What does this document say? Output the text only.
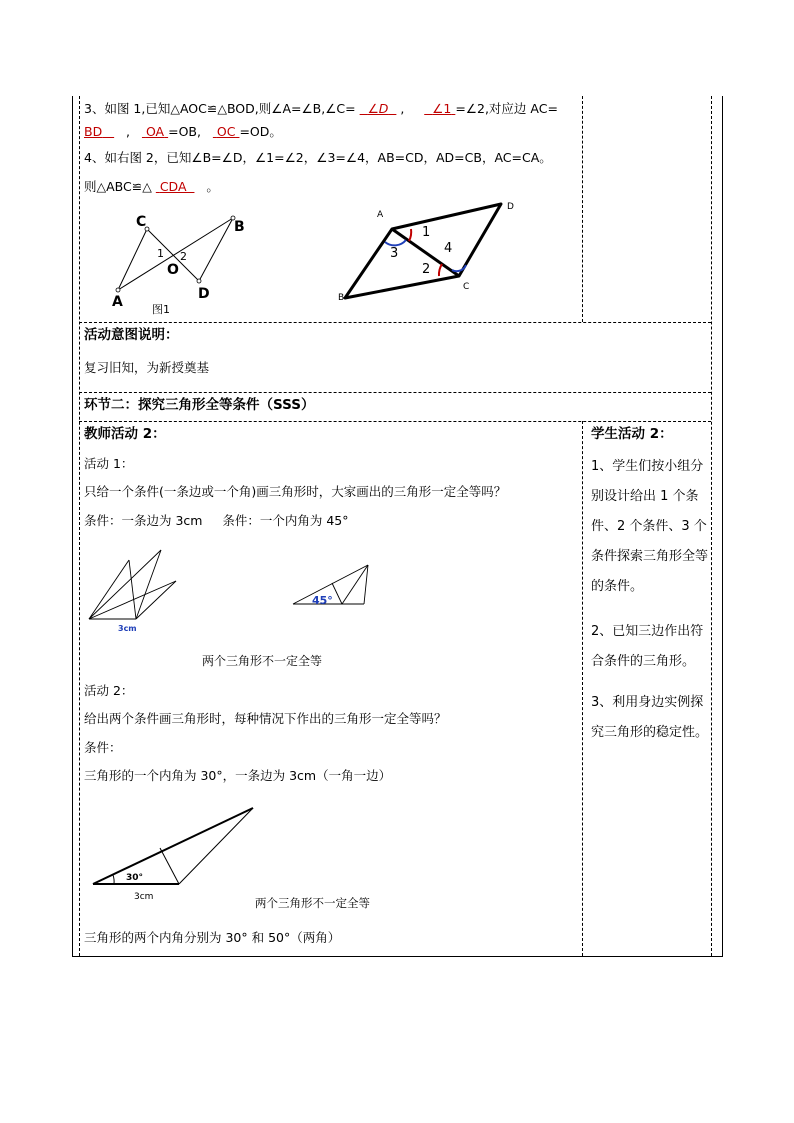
3、如图 1,已知△AOC≌△BOD,则∠A=∠B,∠C= ∠D , ∠1 =∠2,对应边 AC=
BD , OA =OB, OC =OD。
4、如右图 2，已知∠B=∠D，∠1=∠2，∠3=∠4，AB=CD，AD=CB，AC=CA。
则△ABC≌△ CDA 。
C	B
A	D
O
1 2
图1
A
D
C
B
1
3	4
2
活动意图说明：
复习旧知，为新授奠基
环节二：探究三角形全等条件（SSS）
教师活动 2：
活动 1：
只给一个条件(一条边或一个角)画三角形时，大家画出的三角形一定全等吗？
条件：一条边为 3cm     条件：一个内角为 45°
3cm
45°
两个三角形不一定全等
活动 2：
给出两个条件画三角形时，每种情况下作出的三角形一定全等吗？
条件：
三角形的一个内角为 30°，一条边为 3cm（一角一边）
30°
3cm	两个三角形不一定全等
三角形的两个内角分别为 30° 和 50°（两角）
学生活动 2：
1、学生们按小组分别设计给出 1 个条件、2 个条件、3 个条件探索三角形全等的条件。
2、已知三边作出符合条件的三角形。
3、利用身边实例探究三角形的稳定性。
